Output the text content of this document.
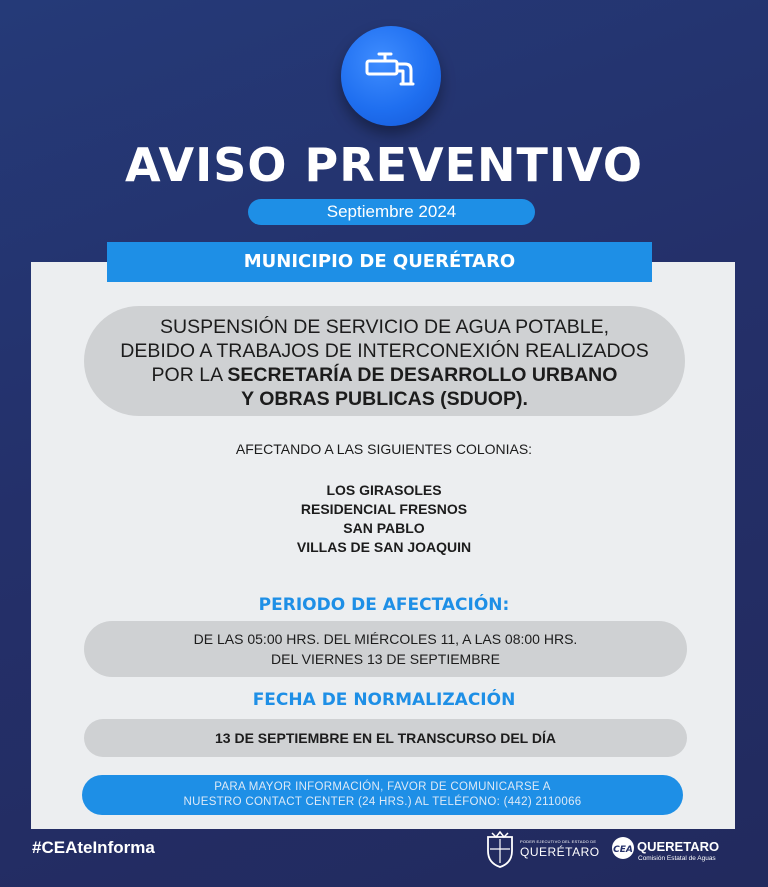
AVISO PREVENTIVO
Septiembre 2024
MUNICIPIO DE QUERÉTARO
SUSPENSIÓN DE SERVICIO DE AGUA POTABLE,
DEBIDO A TRABAJOS DE INTERCONEXIÓN REALIZADOS
POR LA SECRETARÍA DE DESARROLLO URBANO
Y OBRAS PUBLICAS (SDUOP).
AFECTANDO A LAS SIGUIENTES COLONIAS:
LOS GIRASOLES
RESIDENCIAL FRESNOS
SAN PABLO
VILLAS DE SAN JOAQUIN
PERIODO DE AFECTACIÓN:
DE LAS 05:00 HRS. DEL MIÉRCOLES 11, A LAS 08:00 HRS.
DEL VIERNES 13 DE SEPTIEMBRE
FECHA DE NORMALIZACIÓN
13 DE SEPTIEMBRE EN EL TRANSCURSO DEL DÍA
PARA MAYOR INFORMACIÓN, FAVOR DE COMUNICARSE A
NUESTRO CONTACT CENTER (24 HRS.) AL TELÉFONO: (442) 2110066
#CEAteInforma	PODER EJECUTIVO DEL ESTADO DE
QUERÉTARO CEA QUERETARO
Comisión Estatal de Aguas
